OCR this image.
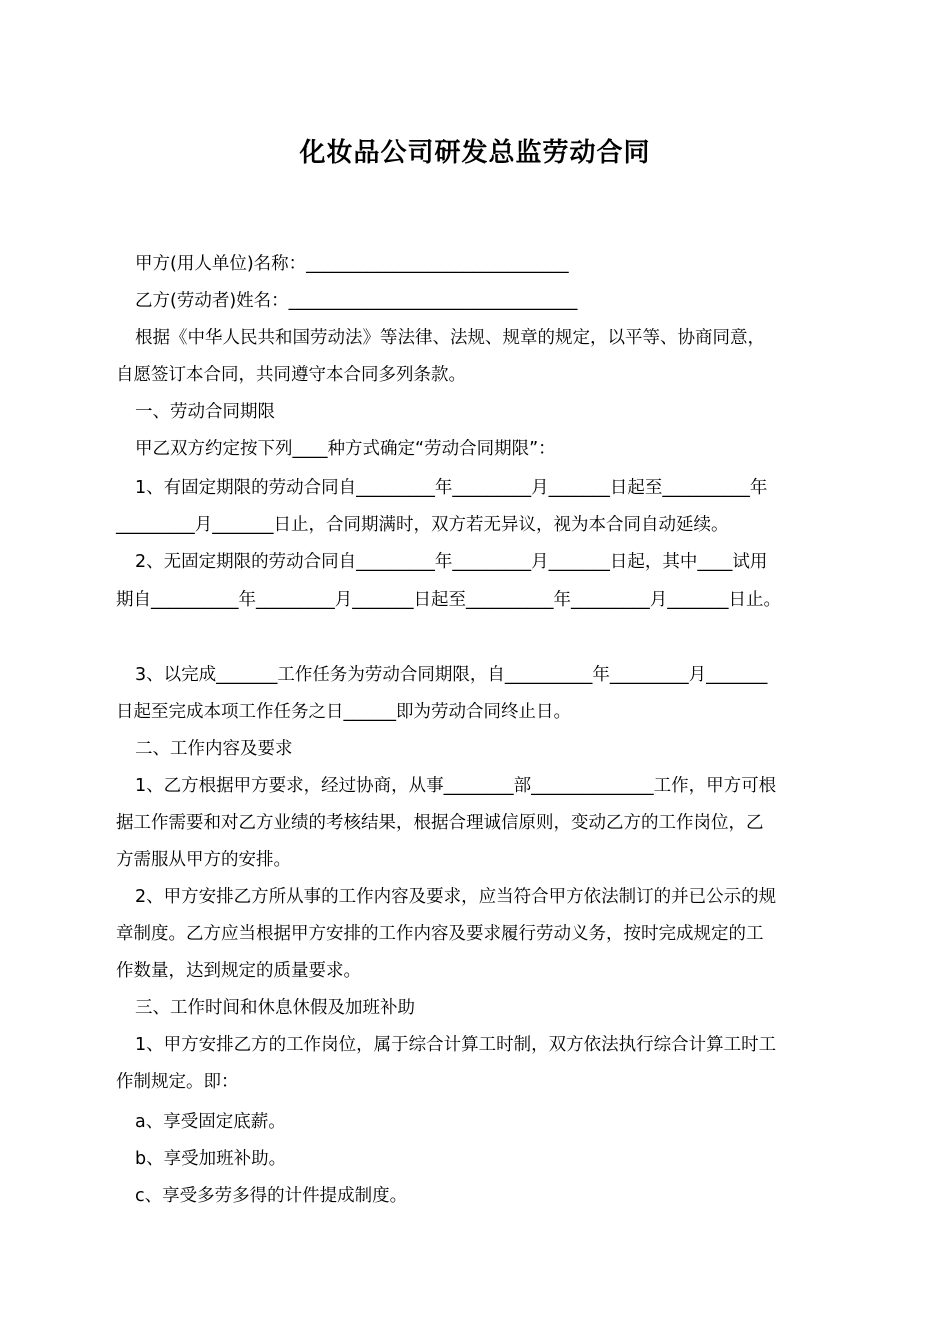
化妆品公司研发总监劳动合同

甲方(用人单位)名称：______________________________

乙方(劳动者)姓名：_________________________________

根据《中华人民共和国劳动法》等法律、法规、规章的规定，以平等、协商同意，

自愿签订本合同，共同遵守本合同多列条款。

一、劳动合同期限

甲乙双方约定按下列____种方式确定“劳动合同期限”：

1、有固定期限的劳动合同自_________年_________月_______日起至__________年

_________月_______日止，合同期满时，双方若无异议，视为本合同自动延续。

2、无固定期限的劳动合同自_________年_________月_______日起，其中____试用

期自__________年_________月_______日起至__________年_________月_______日止。

3、以完成_______工作任务为劳动合同期限，自__________年_________月_______

日起至完成本项工作任务之日______即为劳动合同终止日。

二、工作内容及要求

1、乙方根据甲方要求，经过协商，从事________部______________工作，甲方可根

据工作需要和对乙方业绩的考核结果，根据合理诚信原则，变动乙方的工作岗位，乙

方需服从甲方的安排。

2、甲方安排乙方所从事的工作内容及要求，应当符合甲方依法制订的并已公示的规

章制度。乙方应当根据甲方安排的工作内容及要求履行劳动义务，按时完成规定的工

作数量，达到规定的质量要求。

三、工作时间和休息休假及加班补助

1、甲方安排乙方的工作岗位，属于综合计算工时制，双方依法执行综合计算工时工

作制规定。即：

a、享受固定底薪。

b、享受加班补助。

c、享受多劳多得的计件提成制度。
